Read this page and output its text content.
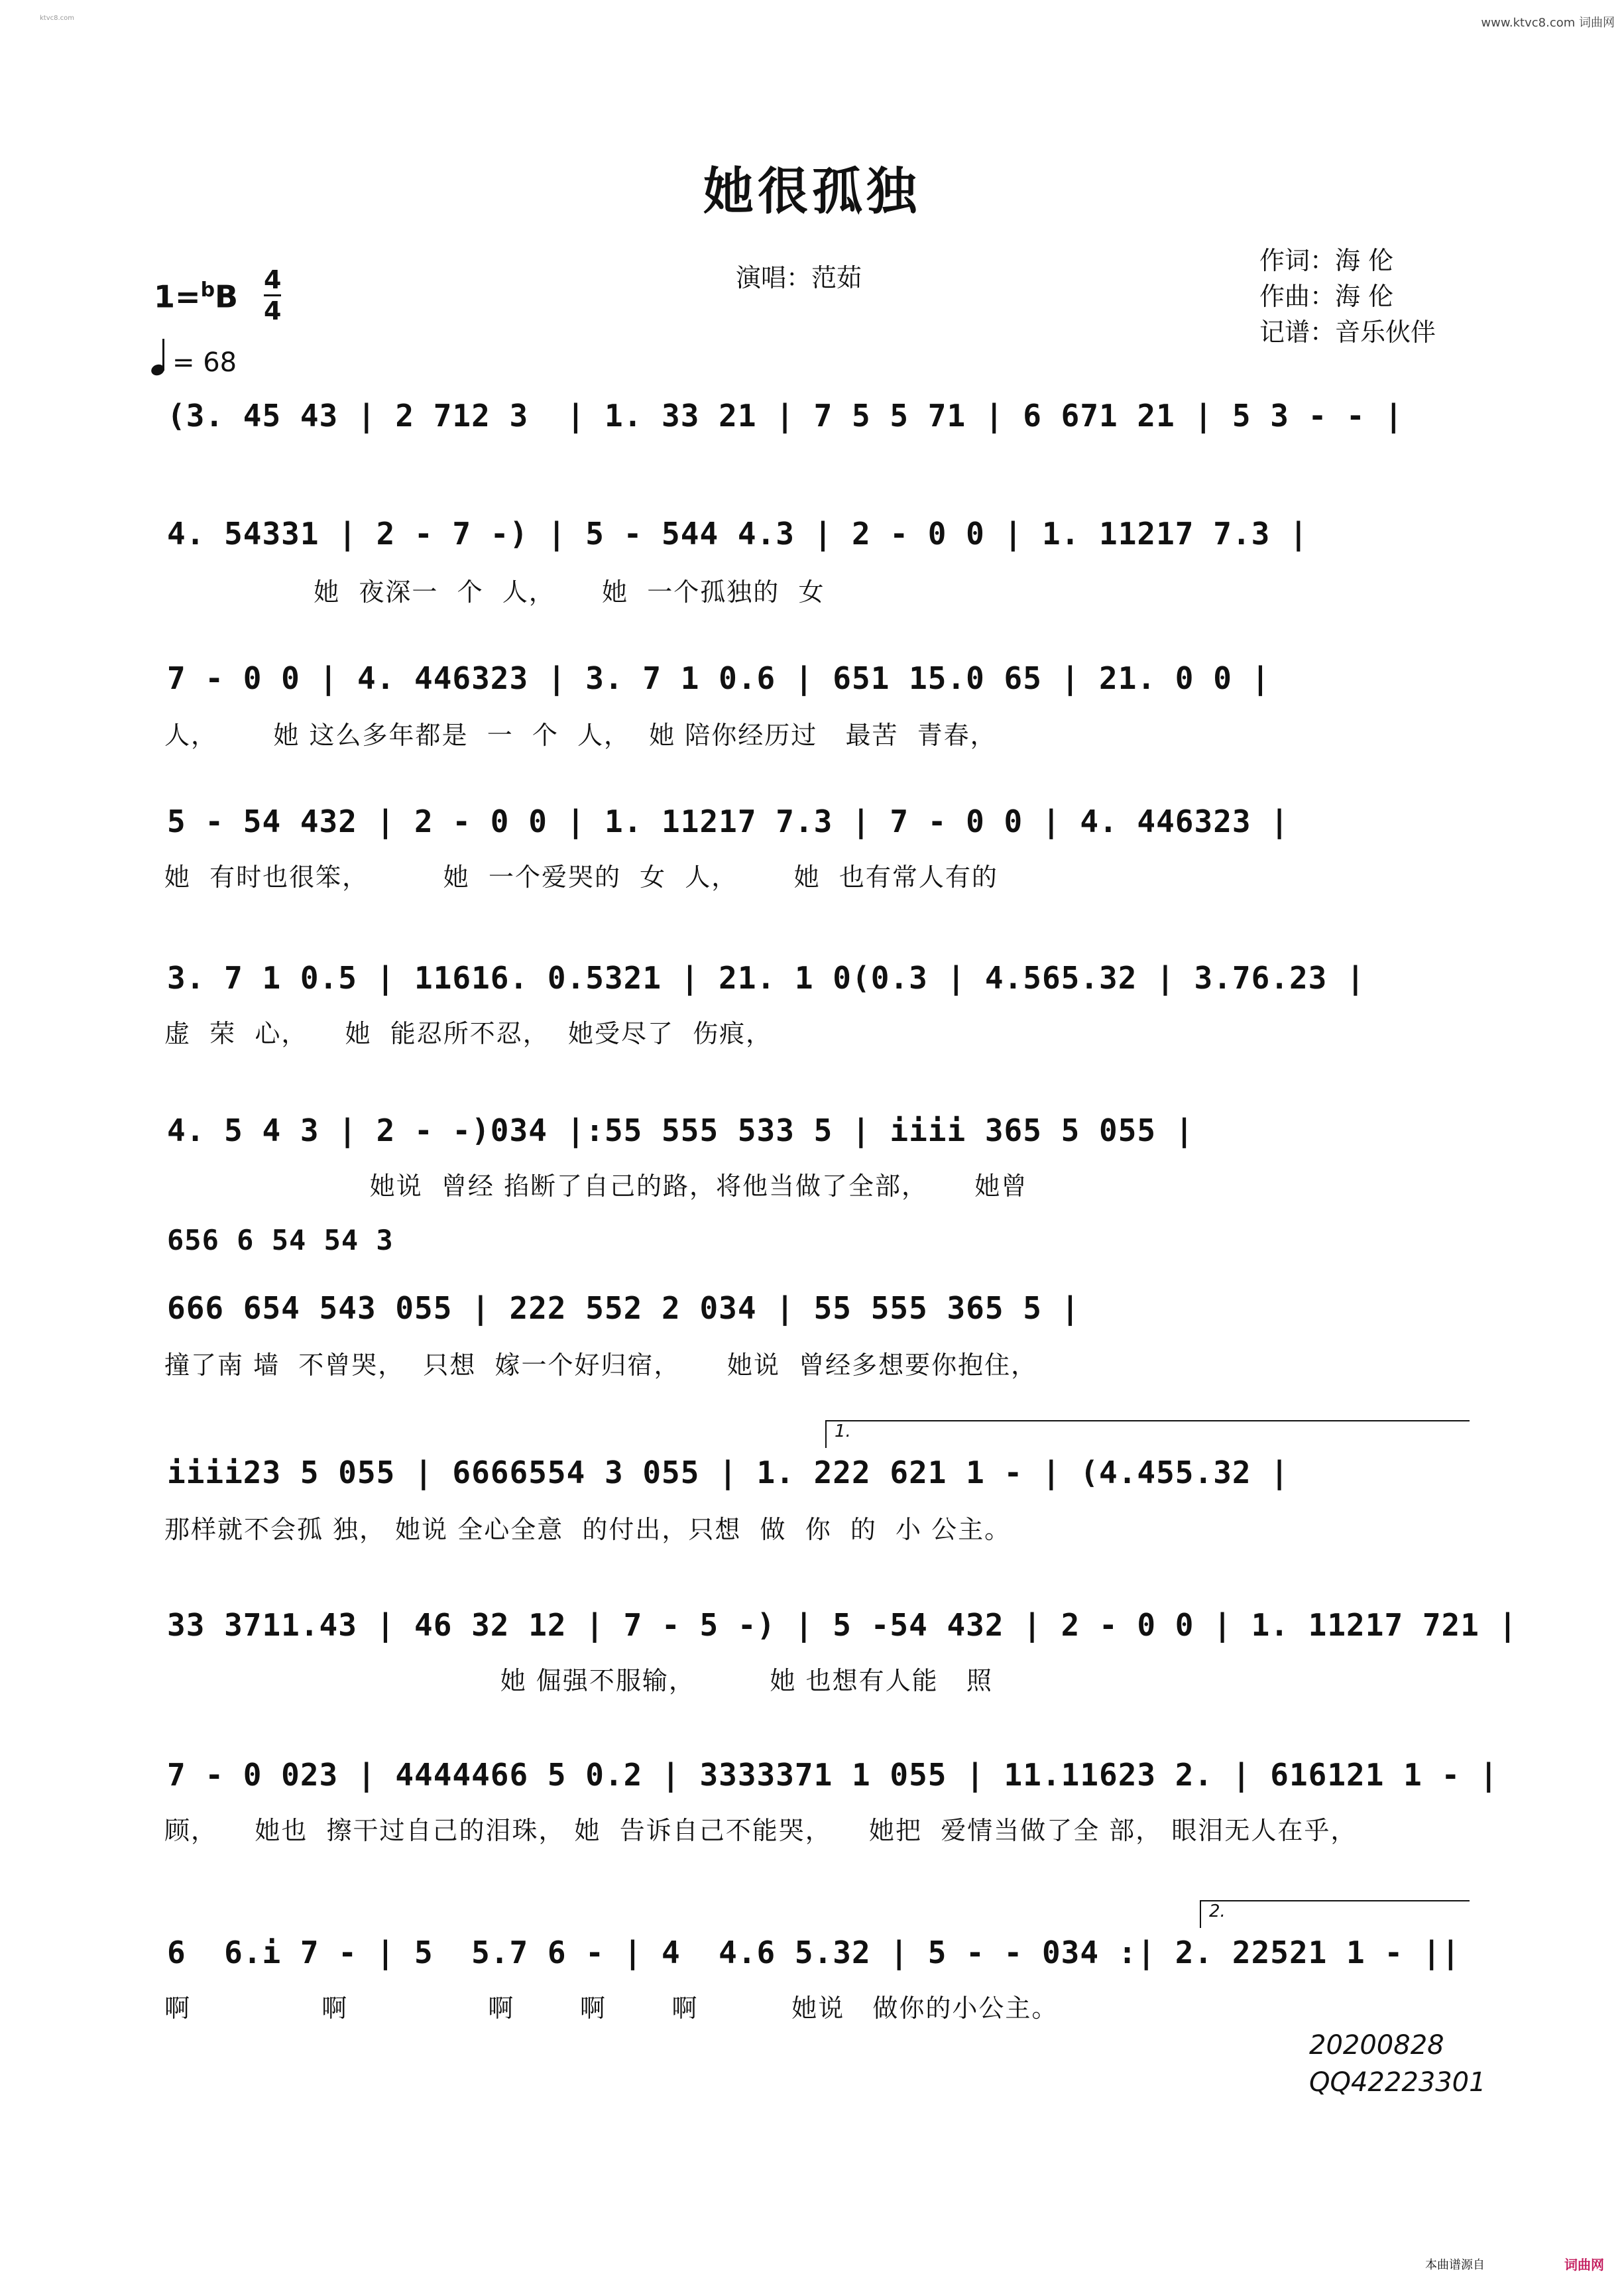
ktvc8.com	www.ktvc8.com 词曲网
她很孤独
演唱：范茹
作词：海 伦
作曲：海 伦
记谱：音乐伙伴
$1=^bB \frac{4}{4}$
= 68
(3. 45 43 | 2 712 3  | 1. 33 21 | 7 5 5 71 | 6 671 21 | 5 3 - - |
4. 54331 | 2 - 7 -) | 5 - 544 4.3 | 2 - 0 0 | 1. 11217 7.3 |
她  夜深一  个  人，     她  一个孤独的  女
7 - 0 0 | 4. 446323 | 3. 7 1 0.6 | 651 15.0 65 | 21. 0 0 |
人，      她 这么多年都是  一  个  人，  她 陪你经历过   最苦  青春，
5 - 54 432 | 2 - 0 0 | 1. 11217 7.3 | 7 - 0 0 | 4. 446323 |
她  有时也很笨，        她  一个爱哭的  女  人，      她  也有常人有的
3. 7 1 0.5 | 11616. 0.5321 | 21. 1 0(0.3 | 4.565.32 | 3.76.23 |
虚  荣  心，    她  能忍所不忍，  她受尽了  伤痕，
4. 5 4 3 | 2 - -)034 |:55 555 533 5 | iiii 365 5 055 |
她说  曾经 掐断了自己的路，将他当做了全部，     她曾
656 6 54 54 3
666 654 543 055 | 222 552 2 034 | 55 555 365 5 |
撞了南 墙  不曾哭，  只想  嫁一个好归宿，     她说  曾经多想要你抱住，
1.
iiii23 5 055 | 6666554 3 055 | 1. 222 621 1 - | (4.455.32 |
那样就不会孤 独， 她说 全心全意  的付出，只想  做  你  的  小 公主。
33 3711.43 | 46 32 12 | 7 - 5 -) | 5 -54 432 | 2 - 0 0 | 1. 11217 721 |
她 倔强不服输，        她 也想有人能   照
7 - 0 023 | 4444466 5 0.2 | 3333371 1 055 | 11.11623 2. | 616121 1 - |
顾，    她也  擦干过自己的泪珠， 她  告诉自己不能哭，    她把  爱情当做了全 部， 眼泪无人在乎，
2.
6  6.i 7 - | 5  5.7 6 - | 4  4.6 5.32 | 5 - - 034 :| 2. 22521 1 - ||
啊              啊               啊       啊       啊          她说   做你的小公主。
20200828
QQ42223301
本曲谱源自	词曲网
